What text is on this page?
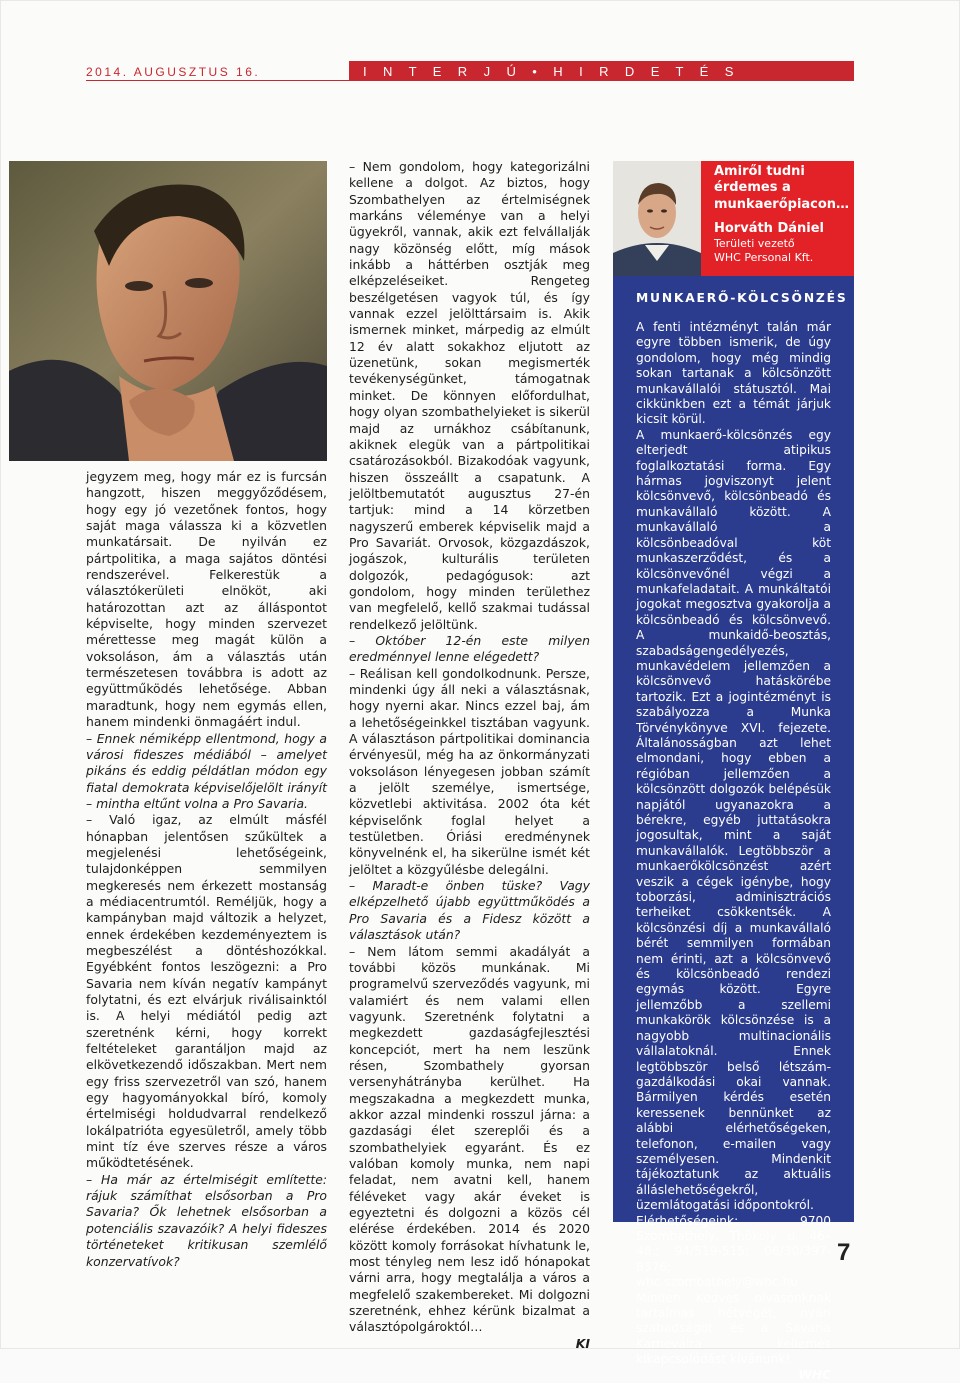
2014. AUGUSZTUS 16.	I N T E R J Ú • H I R D E T É S

jegyzem meg, hogy már ez is furcsán hangzott, hiszen meggyőződésem, hogy egy jó vezetőnek fontos, hogy saját maga válassza ki a közvetlen munkatársait. De nyilván ez pártpolitika, a maga sajátos döntési rendszerével. Felkerestük a választókerületi elnököt, aki határozottan azt az álláspontot képviselte, hogy minden szervezet mérettesse meg magát külön a voksoláson, ám a választás után természetesen továbbra is adott az együttműködés lehetősége. Abban maradtunk, hogy nem egymás ellen, hanem mindenki önmagáért indul.

– Ennek némiképp ellentmond, hogy a városi fideszes médiából – amelyet pikáns és eddig példátlan módon egy fiatal demokrata képviselőjelölt irányít – mintha eltűnt volna a Pro Savaria.

– Való igaz, az elmúlt másfél hónapban jelentősen szűkültek a megjelenési lehetőségeink, tulajdonképpen semmilyen megkeresés nem érkezett mostanság a médiacentrumtól. Reméljük, hogy a kampányban majd változik a helyzet, ennek érdekében kezdeményeztem is megbeszélést a döntéshozókkal. Egyébként fontos leszögezni: a Pro Savaria nem kíván negatív kampányt folytatni, és ezt elvárjuk riválisainktól is. A helyi médiától pedig azt szeretnénk kérni, hogy korrekt feltételeket garantáljon majd az elkövetkezendő időszakban. Mert nem egy friss szervezetről van szó, hanem egy hagyományokkal bíró, komoly értelmiségi holdudvarral rendelkező lokálpatrióta egyesületről, amely több mint tíz éve szerves része a város működtetésének.

– Ha már az értelmiségit említette: rájuk számíthat elsősorban a Pro Savaria? Ők lehetnek elsősorban a potenciális szavazóik? A helyi fideszes történeteket kritikusan szemlélő konzervatívok?

– Nem gondolom, hogy kategorizálni kellene a dolgot. Az biztos, hogy Szombathelyen az értelmiségnek markáns véleménye van a helyi ügyekről, vannak, akik ezt felvállalják nagy közönség előtt, míg mások inkább a háttérben osztják meg elképzeléseiket. Rengeteg beszélgetésen vagyok túl, és így vannak ezzel jelölttársaim is. Akik ismernek minket, márpedig az elmúlt 12 év alatt sokakhoz eljutott az üzenetünk, sokan megismerték tevékenységünket, támogatnak minket. De könnyen előfordulhat, hogy olyan szombathelyieket is sikerül majd az urnákhoz csábítanunk, akiknek elegük van a pártpolitikai csatározásokból. Bizakodóak vagyunk, hiszen összeállt a csapatunk. A jelöltbemutatót augusztus 27-én tartjuk: mind a 14 körzetben nagyszerű emberek képviselik majd a Pro Savariát. Orvosok, közgazdászok, jogászok, kulturális területen dolgozók, pedagógusok: azt gondolom, hogy minden területhez van megfelelő, kellő szakmai tudással rendelkező jelöltünk.

– Október 12-én este milyen eredménnyel lenne elégedett?

– Reálisan kell gondolkodnunk. Persze, mindenki úgy áll neki a választásnak, hogy nyerni akar. Nincs ezzel baj, ám a lehetőségeinkkel tisztában vagyunk. A választáson pártpolitikai dominancia érvényesül, még ha az önkormányzati voksoláson lényegesen jobban számít a jelölt személye, ismertsége, közvetlebi aktivitása. 2002 óta két képviselőnk foglal helyet a testületben. Óriási eredménynek könyvelnénk el, ha sikerülne ismét két jelöltet a közgyűlésbe delegálni.

– Maradt-e önben tüske? Vagy elképzelhető újabb együttműködés a Pro Savaria és a Fidesz között a választások után?

– Nem látom semmi akadályát a további közös munkának. Mi programelvű szerveződés vagyunk, mi valamiért és nem valami ellen vagyunk. Szeretnénk folytatni a megkezdett gazdaságfejlesztési koncepciót, mert ha nem leszünk résen, Szombathely gyorsan versenyhátrányba kerülhet. Ha megszakadna a megkezdett munka, akkor azzal mindenki rosszul járna: a gazdasági élet szereplői és a szombathelyiek egyaránt. És ez valóban komoly munka, nem napi feladat, nem avatni kell, hanem féléveket vagy akár éveket is egyeztetni és dolgozni a közös cél elérése érdekében. 2014 és 2020 között komoly forrásokat hívhatunk le, most tényleg nem lesz idő hónapokat várni arra, hogy megtalálja a város a megfelelő szakembereket. Mi dolgozni szeretnénk, ehhez kérünk bizalmat a választópolgároktól…

KI

Amiről tudni érdemes a munkaerőpiacon…
Horváth Dániel
Területi vezető
WHC Personal Kft.
MUNKAERŐ-KÖLCSÖNZÉS

A fenti intézményt talán már egyre többen ismerik, de úgy gondolom, hogy még mindig sokan tartanak a kölcsönzött munkavállalói státusztól. Mai cikkünkben ezt a témát járjuk kicsit körül.

A munkaerő-kölcsönzés egy elterjedt atipikus foglalkoztatási forma. Egy hármas jogviszonyt jelent kölcsönvevő, kölcsönbeadó és munkavállaló között. A munkavállaló a kölcsönbeadóval köt munkaszerződést, és a kölcsönvevőnél végzi a munkafeladatait. A munkáltatói jogokat megosztva gyakorolja a kölcsönbeadó és kölcsönvevő. A munkaidő-beosztás, szabadságengedélyezés, munkavédelem jellemzően a kölcsönvevő hatáskörébe tartozik. Ezt a jogintézményt is szabályozza a Munka Törvénykönyve XVI. fejezete. Általánosságban azt lehet elmondani, hogy ebben a régióban jellemzően a kölcsönzött dolgozók belépésük napjától ugyanazokra a bérekre, egyéb juttatásokra jogosultak, mint a saját munkavállalók. Legtöbbször a munkaerőkölcsönzést azért veszik a cégek igénybe, hogy toborzási, adminisztrációs terheiket csökkentsék. A kölcsönzési díj a munkavállaló bérét semmilyen formában nem érinti, azt a kölcsönvevő és kölcsönbeadó rendezi egymás között. Egyre jellemzőbb a szellemi munkakörök kölcsönzése is a nagyobb multinacionális vállalatoknál. Ennek legtöbbször belső létszám-gazdálkodási okai vannak. Bármilyen kérdés esetén keressenek bennünket az alábbi elérhetőségeken, telefonon, e-mailen vagy személyesen. Mindenkit tájékoztatunk az aktuális álláslehetőségekről, üzemlátogatási időpontokról.

Elérhetőségeink: 9700 Szombathely, Thököly u. 46–48.; 94/519-515; 06/30/397-8376; whc.szombathely@whc.hu

Minden Kedves olvasónknak tartalmas hétvégét, nyári szabadságot és a Savaria Karneválra kellemes kikapcsolódást kívánunk!

WHC

7
